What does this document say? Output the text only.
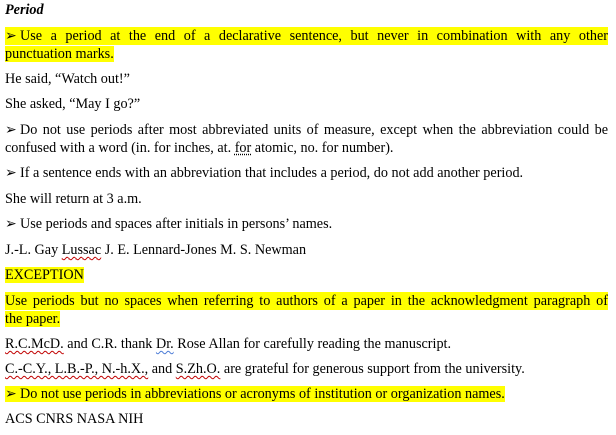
Period
➢ Use a period at the end of a declarative sentence, but never in combination with any other
punctuation marks.
He said, “Watch out!”
She asked, “May I go?”
➢ Do not use periods after most abbreviated units of measure, except when the abbreviation could be
confused with a word (in. for inches, at. for atomic, no. for number).
➢ If a sentence ends with an abbreviation that includes a period, do not add another period.
She will return at 3 a.m.
➢ Use periods and spaces after initials in persons’ names.
J.-L. Gay Lussac J. E. Lennard-Jones M. S. Newman
EXCEPTION
Use periods but no spaces when referring to authors of a paper in the acknowledgment paragraph of
the paper.
R.C.McD. and C.R. thank Dr. Rose Allan for carefully reading the manuscript.
C.-C.Y., L.B.-P., N.-h.X., and S.Zh.O. are grateful for generous support from the university.
➢ Do not use periods in abbreviations or acronyms of institution or organization names.
ACS CNRS NASA NIH
